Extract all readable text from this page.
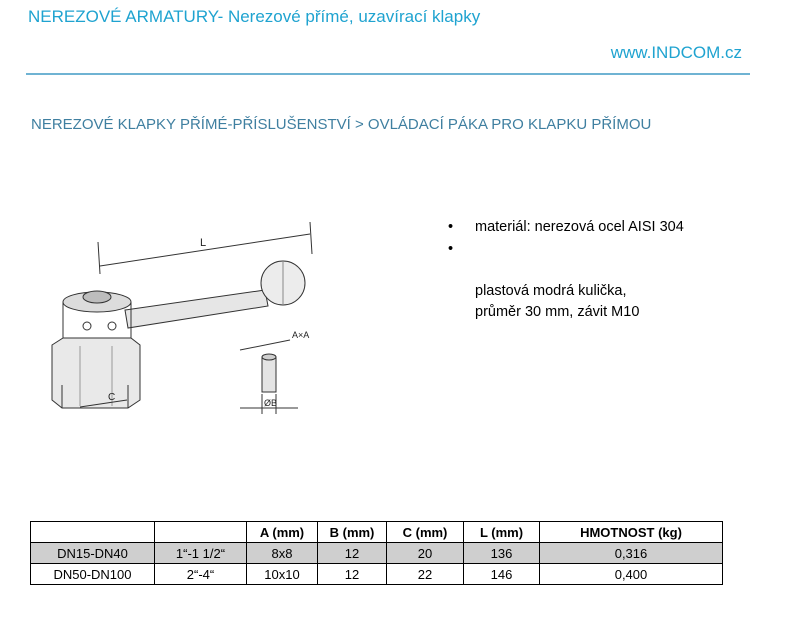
NEREZOVÉ ARMATURY- Nerezové přímé, uzavírací klapky
www.INDCOM.cz
NEREZOVÉ KLAPKY PŘÍMÉ-PŘÍSLUŠENSTVÍ > OVLÁDACÍ PÁKA PRO KLAPKU PŘÍMOU
L
A×A
C	ØB
• materiál: nerezová ocel AISI 304

•

plastová modrá kulička,
průměr 30 mm, závit M10

		A (mm)	B (mm)	C (mm)	L (mm)	HMOTNOST (kg)
DN15-DN40	1“-1 1/2“	8x8	12	20	136	0,316
DN50-DN100	2“-4“	10x10	12	22	146	0,400
